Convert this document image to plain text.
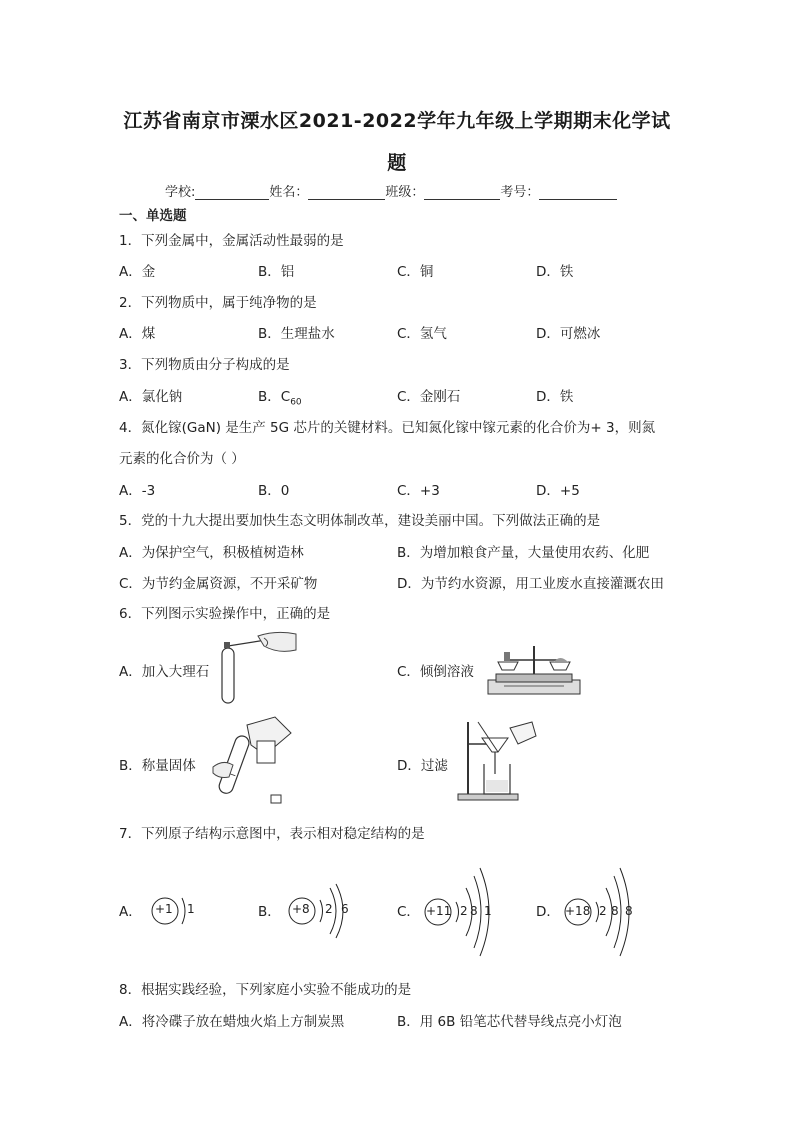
江苏省南京市溧水区2021-2022学年九年级上学期期末化学试
题
学校:	姓名：	班级：	考号：
一、单选题
1．下列金属中，金属活动性最弱的是
A．金	B．铝	C．铜	D．铁
2．下列物质中，属于纯净物的是
A．煤	B．生理盐水	C．氢气	D．可燃冰
3．下列物质由分子构成的是
A．氯化钠	B．$C_{60}$	C．金刚石	D．铁
4．氮化镓(GaN) 是生产 5G 芯片的关键材料。已知氮化镓中镓元素的化合价为+ 3，则氮
元素的化合价为（ ）
A．-3	B．0	C．+3	D．+5
5．党的十九大提出要加快生态文明体制改革，建设美丽中国。下列做法正确的是
A．为保护空气，积极植树造林	B．为增加粮食产量，大量使用农药、化肥
C．为节约金属资源，不开采矿物	D．为节约水资源，用工业废水直接灌溉农田
6．下列图示实验操作中，正确的是
A．加入大理石	C．倾倒溶液
B．称量固体	D．过滤
7．下列原子结构示意图中，表示相对稳定结构的是
A． +1 1	B． +8 2 6	C． +11 2 8 1	D． +18 2 8 8
8．根据实践经验，下列家庭小实验不能成功的是
A．将冷碟子放在蜡烛火焰上方制炭黑	B．用 6B 铅笔芯代替导线点亮小灯泡
